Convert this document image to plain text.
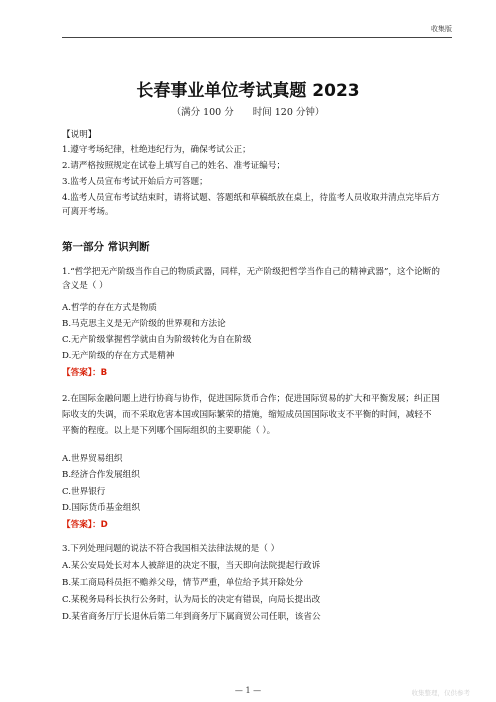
收集版
长春事业单位考试真题 2023
（满分 100 分　　时间 120 分钟）
【说明】
1.遵守考场纪律，杜绝违纪行为，确保考试公正；
2.请严格按照规定在试卷上填写自己的姓名、准考证编号；
3.监考人员宣布考试开始后方可答题；
4.监考人员宣布考试结束时，请将试题、答题纸和草稿纸放在桌上，待监考人员收取并清点完毕后方可离开考场。
第一部分 常识判断
1.“哲学把无产阶级当作自己的物质武器，同样，无产阶级把哲学当作自己的精神武器”，这个论断的含义是（ ）
A.哲学的存在方式是物质
B.马克思主义是无产阶级的世界观和方法论
C.无产阶级掌握哲学就由自为阶级转化为自在阶级
D.无产阶级的存在方式是精神
【答案】：B
2.在国际金融问题上进行协商与协作，促进国际货币合作；促进国际贸易的扩大和平衡发展；纠正国际收支的失调，而不采取危害本国或国际繁荣的措施，缩短成员国国际收支不平衡的时间，减轻不平衡的程度。以上是下列哪个国际组织的主要职能（ ）。
A.世界贸易组织
B.经济合作发展组织
C.世界银行
D.国际货币基金组织
【答案】：D
3.下列处理问题的说法不符合我国相关法律法规的是（ ）
A.某公安局处长对本人被辞退的决定不服，当天即向法院提起行政诉
B.某工商局科员拒不赡养父母，情节严重，单位给予其开除处分
C.某税务局科长执行公务时，认为局长的决定有错误，向局长提出改
D.某省商务厅厅长退休后第二年到商务厅下属商贸公司任职，该省公
— 1 —	收集整理，仅供参考
